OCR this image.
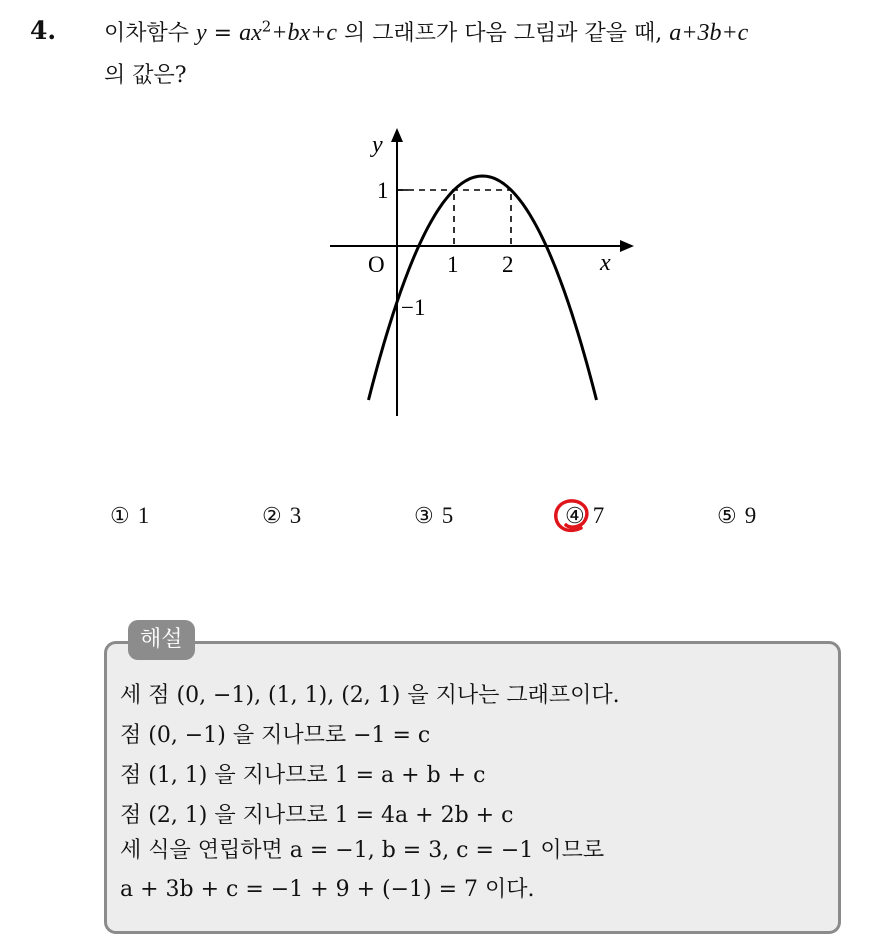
4. 이차함수 $y = ax^2+bx+c$ 의 그래프가 다음 그림과 같을 때, a+3b+c
의 값은?
y
1
O	1 2	x
−1
① 1	② 3	③ 5	④ 7	⑤ 9
해설
세 점 (0, −1), (1, 1), (2, 1) 을 지나는 그래프이다.
점 (0, −1) 을 지나므로 −1 = c
점 (1, 1) 을 지나므로 1 = a + b + c
점 (2, 1) 을 지나므로 1 = 4a + 2b + c
세 식을 연립하면 a = −1, b = 3, c = −1 이므로
a + 3b + c = −1 + 9 + (−1) = 7 이다.
